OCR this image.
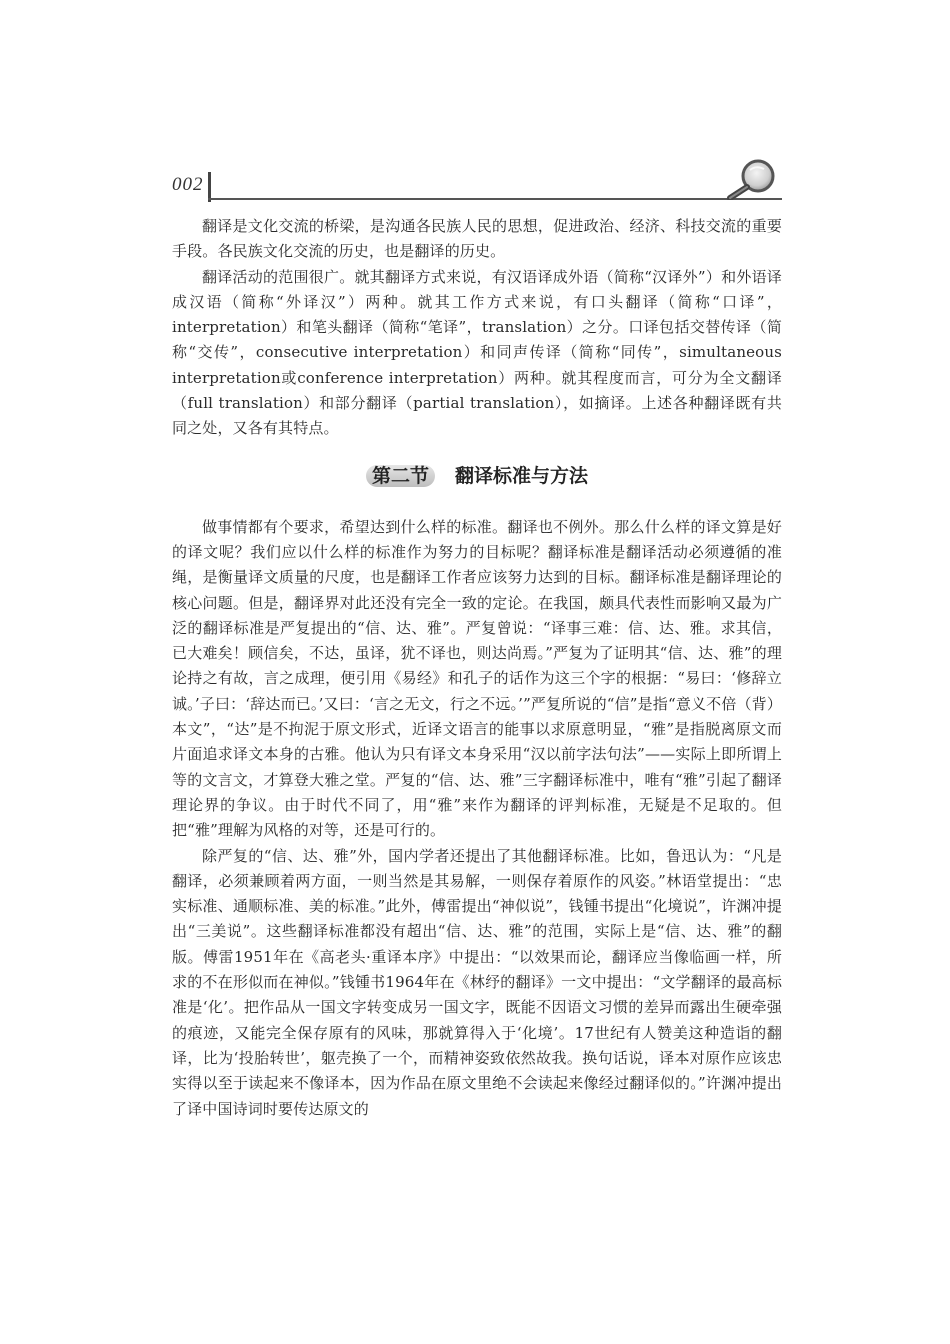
002

翻译是文化交流的桥梁，是沟通各民族人民的思想，促进政治、经济、科技交流的重要手段。各民族文化交流的历史，也是翻译的历史。

翻译活动的范围很广。就其翻译方式来说，有汉语译成外语（简称“汉译外”）和外语译成汉语（简称“外译汉”）两种。就其工作方式来说，有口头翻译（简称“口译”，interpretation）和笔头翻译（简称“笔译”，translation）之分。口译包括交替传译（简称“交传”，consecutive interpretation）和同声传译（简称“同传”，simultaneous interpretation或conference interpretation）两种。就其程度而言，可分为全文翻译（full translation）和部分翻译（partial translation），如摘译。上述各种翻译既有共同之处，又各有其特点。

第二节 翻译标准与方法

做事情都有个要求，希望达到什么样的标准。翻译也不例外。那么什么样的译文算是好的译文呢？我们应以什么样的标准作为努力的目标呢？翻译标准是翻译活动必须遵循的准绳，是衡量译文质量的尺度，也是翻译工作者应该努力达到的目标。翻译标准是翻译理论的核心问题。但是，翻译界对此还没有完全一致的定论。在我国，颇具代表性而影响又最为广泛的翻译标准是严复提出的“信、达、雅”。严复曾说：“译事三难：信、达、雅。求其信，已大难矣！顾信矣，不达，虽译，犹不译也，则达尚焉。”严复为了证明其“信、达、雅”的理论持之有故，言之成理，便引用《易经》和孔子的话作为这三个字的根据：“易曰：‘修辞立诚。’子曰：‘辞达而已。’又曰：‘言之无文，行之不远。’”严复所说的“信”是指“意义不倍（背）本文”，“达”是不拘泥于原文形式，近译文语言的能事以求原意明显，“雅”是指脱离原文而片面追求译文本身的古雅。他认为只有译文本身采用“汉以前字法句法”——实际上即所谓上等的文言文，才算登大雅之堂。严复的“信、达、雅”三字翻译标准中，唯有“雅”引起了翻译理论界的争议。由于时代不同了，用“雅”来作为翻译的评判标准，无疑是不足取的。但把“雅”理解为风格的对等，还是可行的。

除严复的“信、达、雅”外，国内学者还提出了其他翻译标准。比如，鲁迅认为：“凡是翻译，必须兼顾着两方面，一则当然是其易解，一则保存着原作的风姿。”林语堂提出：“忠实标准、通顺标准、美的标准。”此外，傅雷提出“神似说”，钱锺书提出“化境说”，许渊冲提出“三美说”。这些翻译标准都没有超出“信、达、雅”的范围，实际上是“信、达、雅”的翻版。傅雷1951年在《高老头·重译本序》中提出：“以效果而论，翻译应当像临画一样，所求的不在形似而在神似。”钱锺书1964年在《林纾的翻译》一文中提出：“文学翻译的最高标准是‘化’。把作品从一国文字转变成另一国文字，既能不因语文习惯的差异而露出生硬牵强的痕迹，又能完全保存原有的风味，那就算得入于‘化境’。17世纪有人赞美这种造诣的翻译，比为‘投胎转世’，躯壳换了一个，而精神姿致依然故我。换句话说，译本对原作应该忠实得以至于读起来不像译本，因为作品在原文里绝不会读起来像经过翻译似的。”许渊冲提出了译中国诗词时要传达原文的
